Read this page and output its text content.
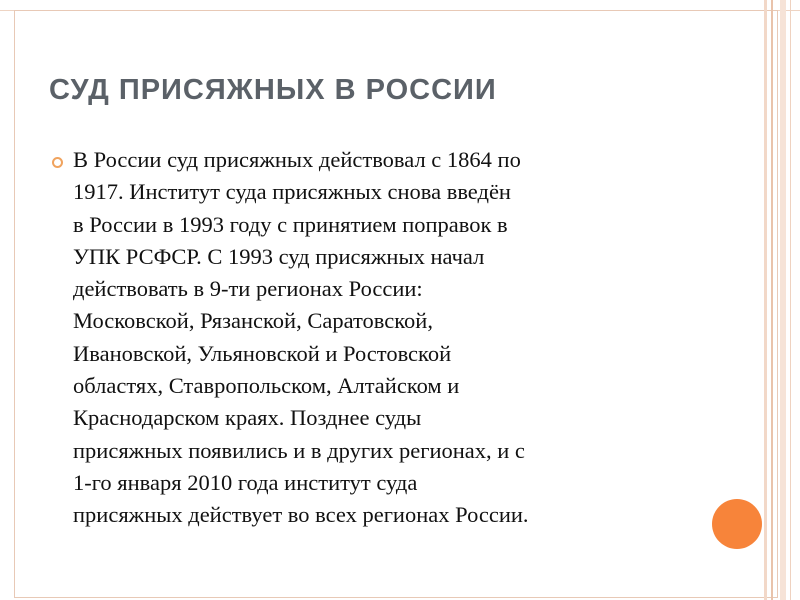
СУД ПРИСЯЖНЫХ В РОССИИ

В России суд присяжных действовал с 1864 по
1917. Институт суда присяжных снова введён
в России в 1993 году с принятием поправок в
УПК РСФСР. С 1993 суд присяжных начал
действовать в 9-ти регионах России:
Московской, Рязанской, Саратовской,
Ивановской, Ульяновской и Ростовской
областях, Ставропольском, Алтайском и
Краснодарском краях. Позднее суды
присяжных появились и в других регионах, и с
1-го января 2010 года институт суда
присяжных действует во всех регионах России.
